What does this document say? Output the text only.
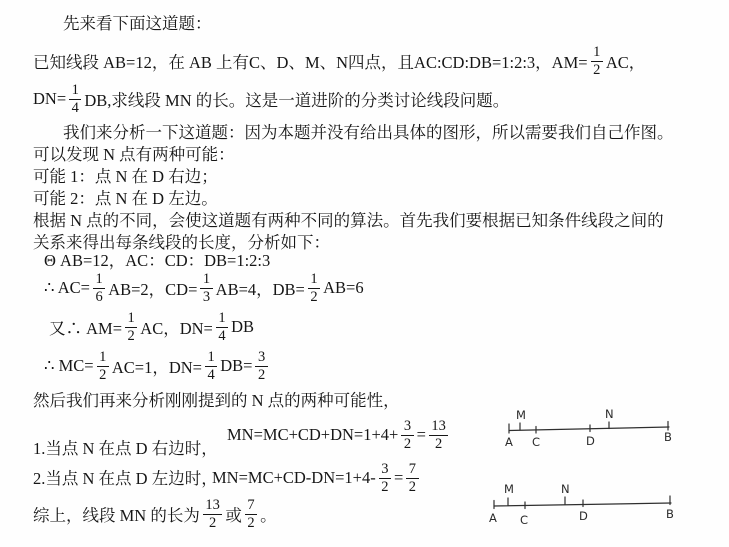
先来看下面这道题：
已知线段 AB=12，在 AB 上有C、D、M、N四点，且AC:CD:DB=1:2:3，$AM= \frac{1}{2}$ AC，
$DN= \frac{1}{4}$ DB,求线段 MN 的长。这是一道进阶的分类讨论线段问题。
我们来分析一下这道题：因为本题并没有给出具体的图形，所以需要我们自己作图。
可以发现 N 点有两种可能：
可能 1：点 N 在 D 右边；
可能 2：点 N 在 D 左边。
根据 N 点的不同，会使这道题有两种不同的算法。首先我们要根据已知条件线段之间的
关系来得出每条线段的长度，分析如下：
Θ AB=12，AC：CD：DB=1:2:3
∴ $AC= \frac{1}{6} AB=2$，$CD= \frac{1}{3} AB=4$，$DB= \frac{1}{2} AB=6$
又∴ $AM= \frac{1}{2}$ AC，$DN= \frac{1}{4}$ DB
∴ $MC= \frac{1}{2} AC=1$，$DN= \frac{1}{4} DB= \frac{3}{2}$
然后我们再来分析刚刚提到的 N 点的两种可能性，
1.当点 N 在点 D 右边时，
$MN=MC+CD+DN=1+4+ \frac{3}{2} = \frac{13}{2}$
2.当点 N 在点 D 左边时，
$MN=MC+CD-DN=1+4- \frac{3}{2} = \frac{7}{2}$
综上，线段 MN 的长为 $\frac{13}{2}$ 或 $\frac{7}{2}$ 。
M	N
A C	D	B
M	N
A C	D	B
